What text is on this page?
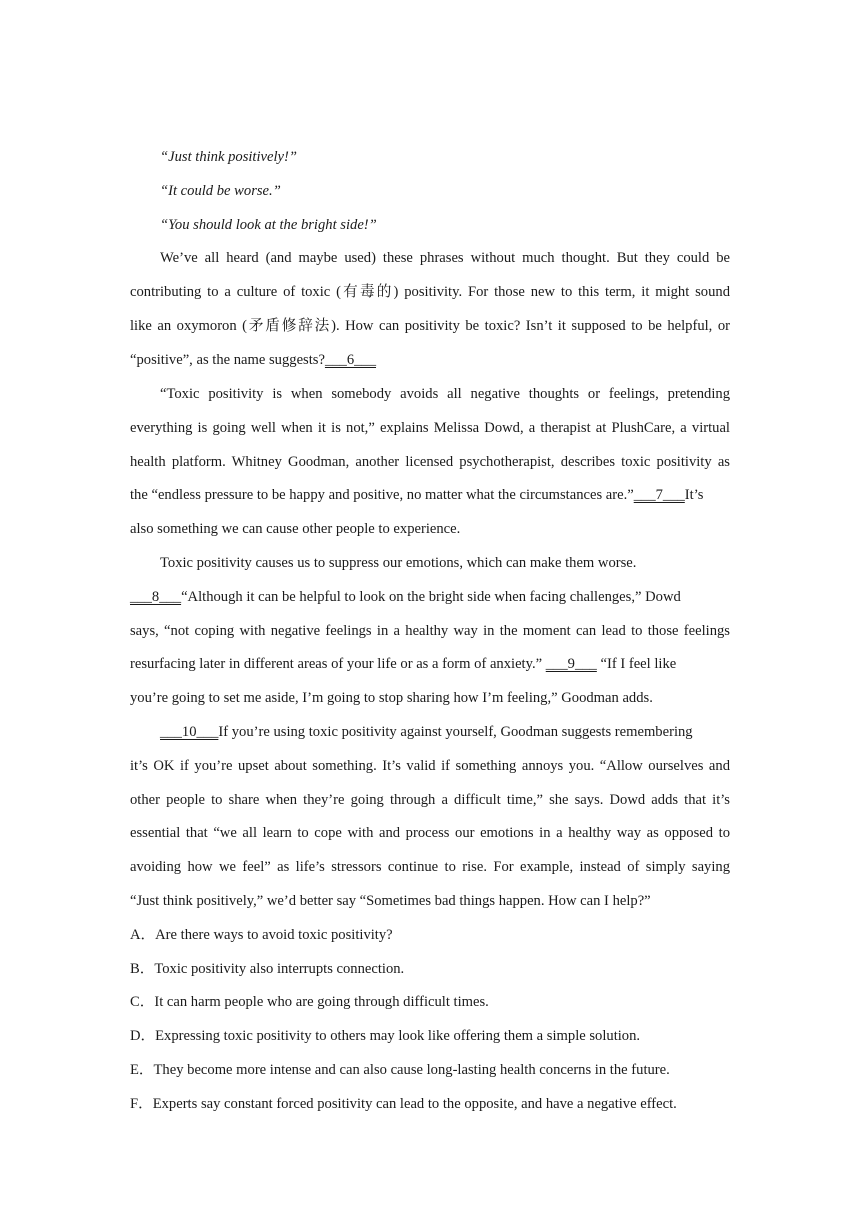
“Just think positively!”
“It could be worse.”
“You should look at the bright side!”
We’ve all heard (and maybe used) these phrases without much thought. But they could be
contributing to a culture of toxic (有毒的) positivity. For those new to this term, it might sound
like an oxymoron (矛盾修辞法). How can positivity be toxic? Isn’t it supposed to be helpful, or
“positive”, as the name suggests?___6___
“Toxic positivity is when somebody avoids all negative thoughts or feelings, pretending
everything is going well when it is not,” explains Melissa Dowd, a therapist at PlushCare, a virtual
health platform. Whitney Goodman, another licensed psychotherapist, describes toxic positivity as
the “endless pressure to be happy and positive, no matter what the circumstances are.”___7___It’s
also something we can cause other people to experience.
Toxic positivity causes us to suppress our emotions, which can make them worse.
___8___“Although it can be helpful to look on the bright side when facing challenges,” Dowd
says, “not coping with negative feelings in a healthy way in the moment can lead to those feelings
resurfacing later in different areas of your life or as a form of anxiety.” ___9___ “If I feel like
you’re going to set me aside, I’m going to stop sharing how I’m feeling,” Goodman adds.
___10___If you’re using toxic positivity against yourself, Goodman suggests remembering
it’s OK if you’re upset about something. It’s valid if something annoys you. “Allow ourselves and
other people to share when they’re going through a difficult time,” she says. Dowd adds that it’s
essential that “we all learn to cope with and process our emotions in a healthy way as opposed to
avoiding how we feel” as life’s stressors continue to rise. For example, instead of simply saying
“Just think positively,” we’d better say “Sometimes bad things happen. How can I help?”
A．Are there ways to avoid toxic positivity?
B．Toxic positivity also interrupts connection.
C．It can harm people who are going through difficult times.
D．Expressing toxic positivity to others may look like offering them a simple solution.
E．They become more intense and can also cause long-lasting health concerns in the future.
F．Experts say constant forced positivity can lead to the opposite, and have a negative effect.
